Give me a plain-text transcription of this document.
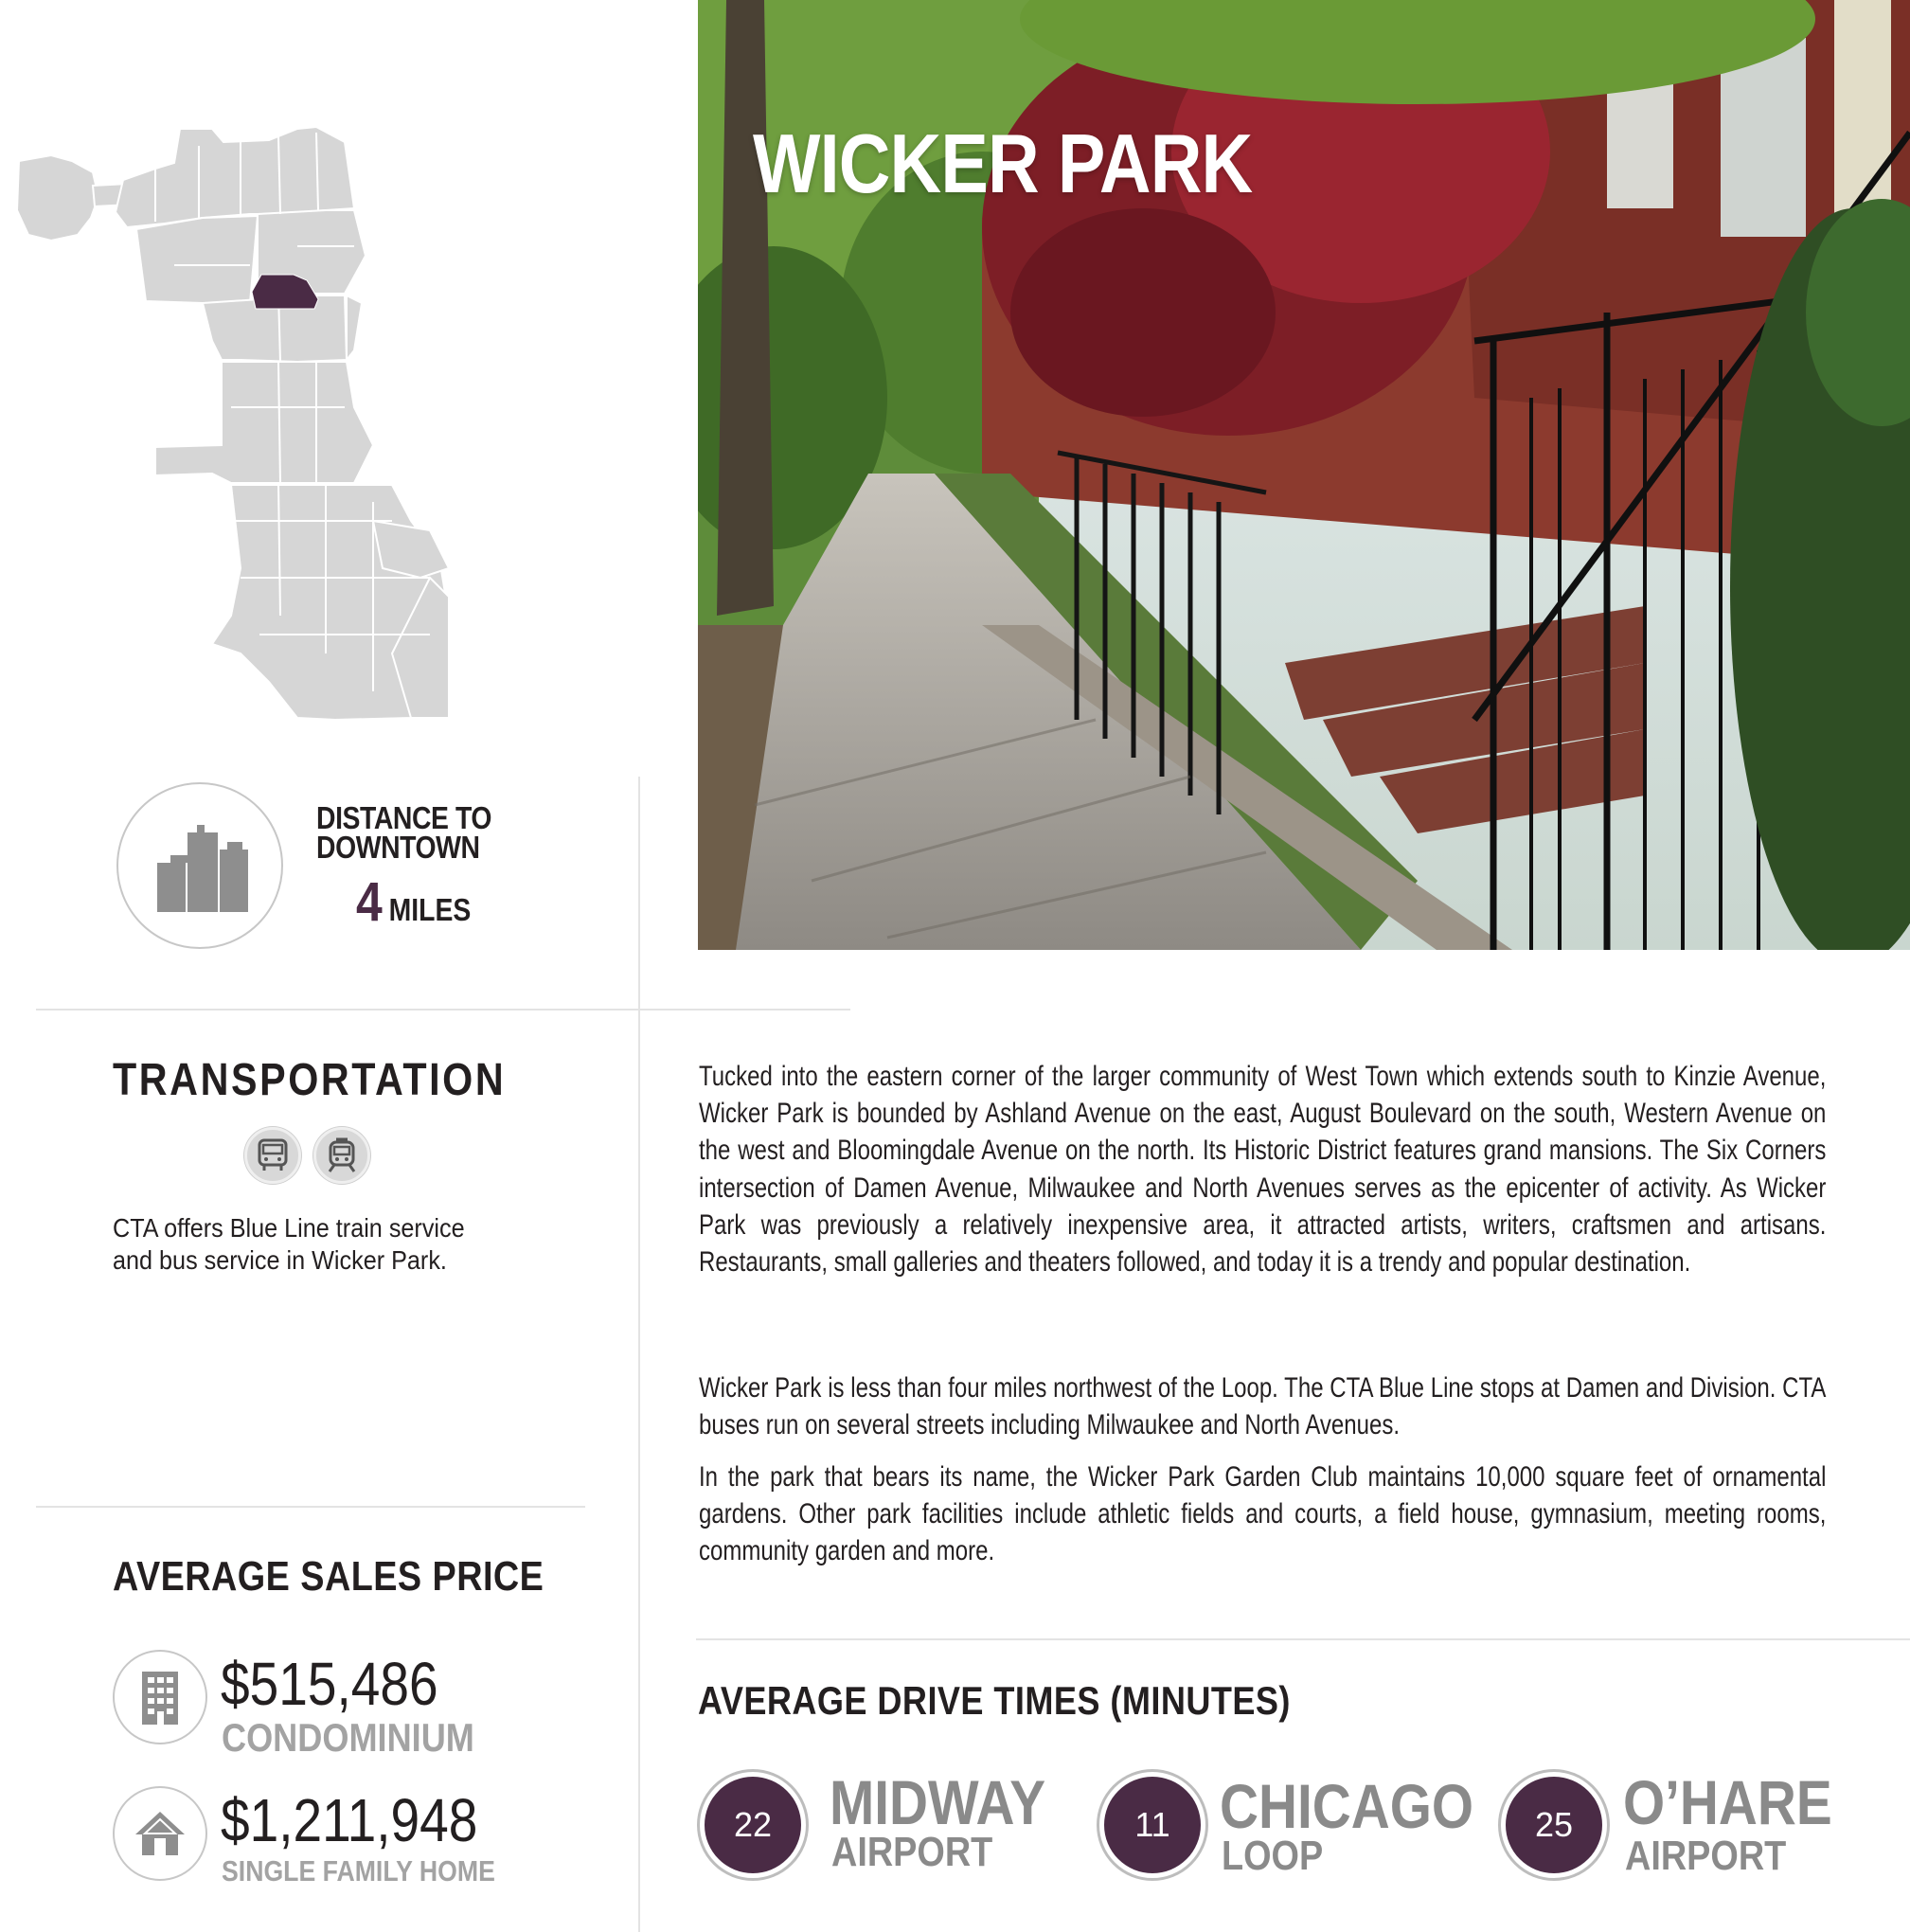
DISTANCE TO
DOWNTOWN
4 MILES
TRANSPORTATION
CTA offers Blue Line train service and bus service in Wicker Park.
AVERAGE SALES PRICE
$515,486
CONDOMINIUM
$1,211,948
SINGLE FAMILY HOME
WICKER PARK
Tucked into the eastern corner of the larger community of West Town which extends south to Kinzie Avenue, Wicker Park is bounded by Ashland Avenue on the east, August Boulevard on the south, Western Avenue on the west and Bloomingdale Avenue on the north. Its Historic District features grand mansions. The Six Corners intersection of Damen Avenue, Milwaukee and North Avenues serves as the epicenter of activity. As Wicker Park was previously a relatively inexpensive area, it attracted artists, writers, craftsmen and artisans. Restaurants, small galleries and theaters followed, and today it is a trendy and popular destination.
Wicker Park is less than four miles northwest of the Loop. The CTA Blue Line stops at Damen and Division. CTA buses run on several streets including Milwaukee and North Avenues.
In the park that bears its name, the Wicker Park Garden Club maintains 10,000 square feet of ornamental gardens. Other park facilities include athletic fields and courts, a field house, gymnasium, meeting rooms, community garden and more.
AVERAGE DRIVE TIMES (MINUTES)
22 MIDWAY
AIRPORT
11 CHICAGO
LOOP
25 O’HARE
AIRPORT
